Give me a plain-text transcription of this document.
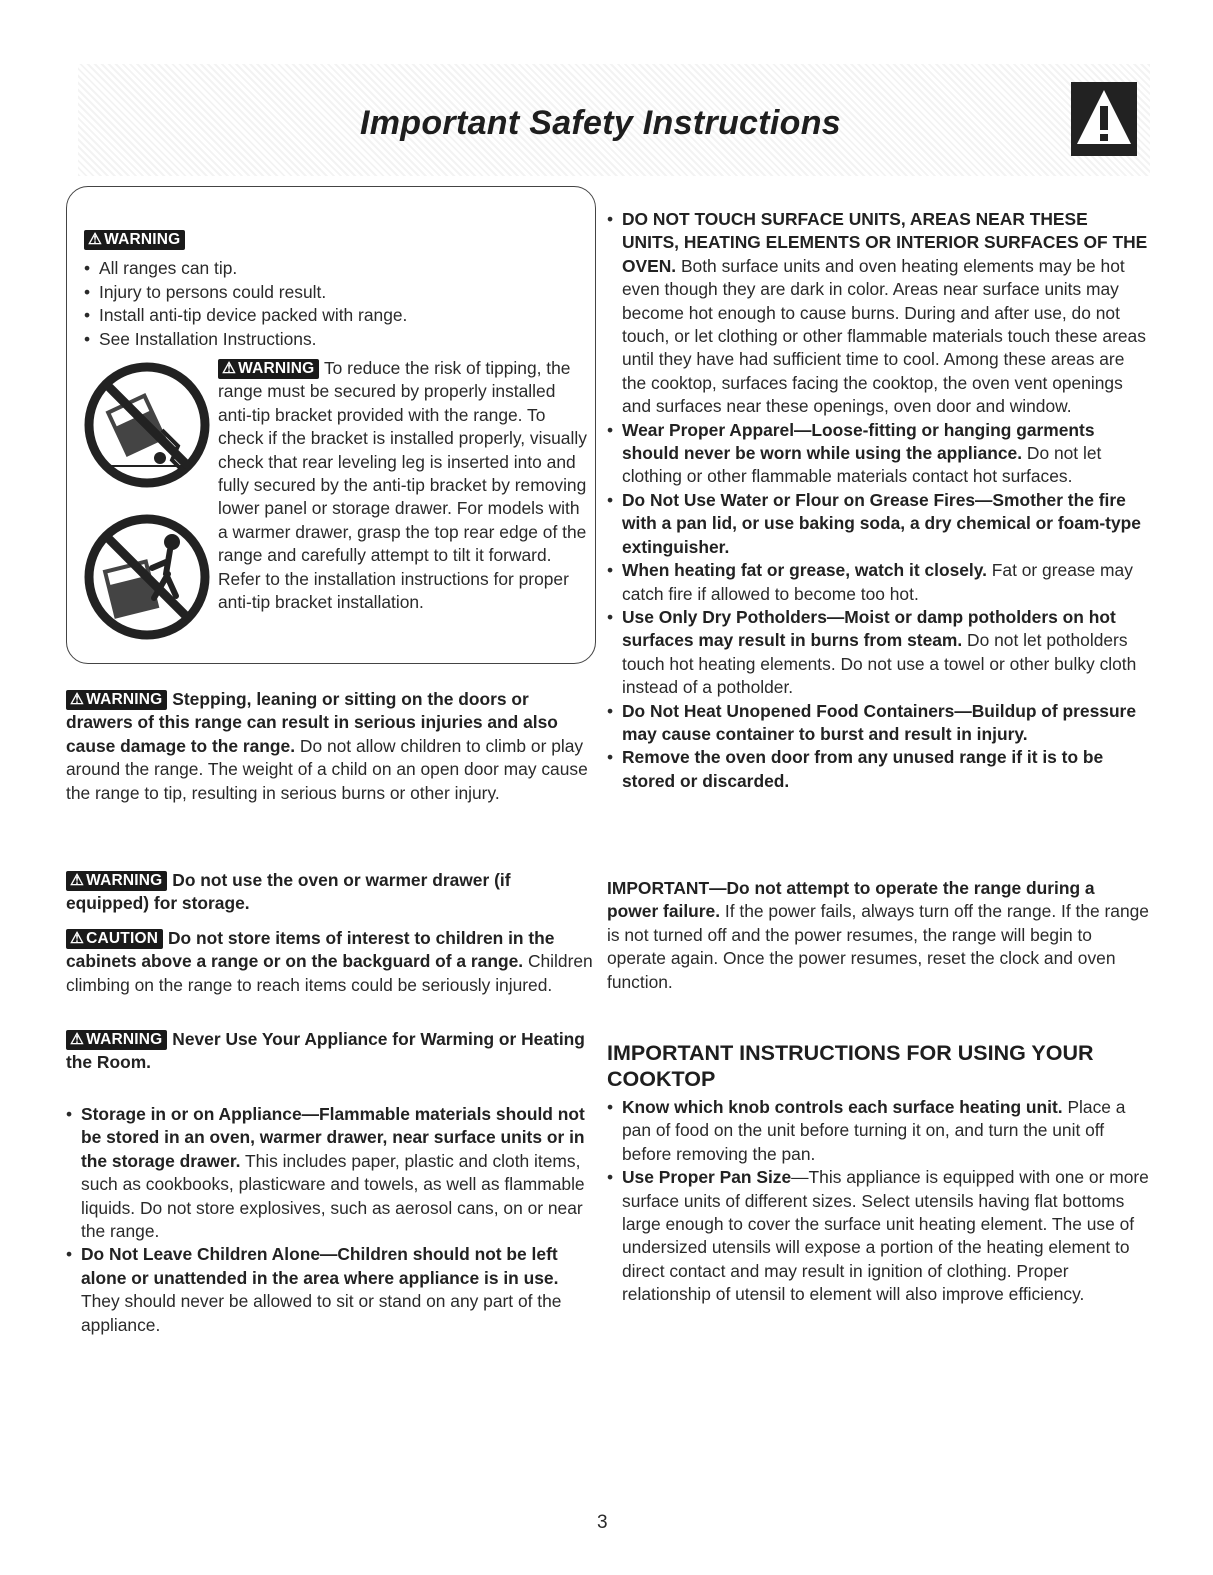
Important Safety Instructions
⚠ WARNING
• All ranges can tip.
• Injury to persons could result.
• Install anti-tip device packed with range.
• See Installation Instructions.
⚠ WARNING To reduce the risk of tipping, the range must be secured by properly installed anti-tip bracket provided with the range. To check if the bracket is installed properly, visually check that rear leveling leg is inserted into and fully secured by the anti-tip bracket by removing lower panel or storage drawer. For models with a warmer drawer, grasp the top rear edge of the range and carefully attempt to tilt it forward. Refer to the installation instructions for proper anti-tip bracket installation.

⚠ WARNING Stepping, leaning or sitting on the doors or drawers of this range can result in serious injuries and also cause damage to the range. Do not allow children to climb or play around the range. The weight of a child on an open door may cause the range to tip, resulting in serious burns or other injury.

⚠ WARNING Do not use the oven or warmer drawer (if equipped) for storage.

⚠ CAUTION Do not store items of interest to children in the cabinets above a range or on the backguard of a range. Children climbing on the range to reach items could be seriously injured.

⚠ WARNING Never Use Your Appliance for Warming or Heating the Room.

• Storage in or on Appliance—Flammable materials should not be stored in an oven, warmer drawer, near surface units or in the storage drawer. This includes paper, plastic and cloth items, such as cookbooks, plasticware and towels, as well as flammable liquids. Do not store explosives, such as aerosol cans, on or near the range.
• Do Not Leave Children Alone—Children should not be left alone or unattended in the area where appliance is in use. They should never be allowed to sit or stand on any part of the appliance.
• DO NOT TOUCH SURFACE UNITS, AREAS NEAR THESE UNITS, HEATING ELEMENTS OR INTERIOR SURFACES OF THE OVEN. Both surface units and oven heating elements may be hot even though they are dark in color. Areas near surface units may become hot enough to cause burns. During and after use, do not touch, or let clothing or other flammable materials touch these areas until they have had sufficient time to cool. Among these areas are the cooktop, surfaces facing the cooktop, the oven vent openings and surfaces near these openings, oven door and window.
• Wear Proper Apparel—Loose-fitting or hanging garments should never be worn while using the appliance. Do not let clothing or other flammable materials contact hot surfaces.
• Do Not Use Water or Flour on Grease Fires—Smother the fire with a pan lid, or use baking soda, a dry chemical or foam-type extinguisher.
• When heating fat or grease, watch it closely. Fat or grease may catch fire if allowed to become too hot.
• Use Only Dry Potholders—Moist or damp potholders on hot surfaces may result in burns from steam. Do not let potholders touch hot heating elements. Do not use a towel or other bulky cloth instead of a potholder.
• Do Not Heat Unopened Food Containers—Buildup of pressure may cause container to burst and result in injury.
• Remove the oven door from any unused range if it is to be stored or discarded.

IMPORTANT—Do not attempt to operate the range during a power failure. If the power fails, always turn off the range. If the range is not turned off and the power resumes, the range will begin to operate again. Once the power resumes, reset the clock and oven function.

IMPORTANT INSTRUCTIONS FOR USING YOUR COOKTOP

• Know which knob controls each surface heating unit. Place a pan of food on the unit before turning it on, and turn the unit off before removing the pan.
• Use Proper Pan Size—This appliance is equipped with one or more surface units of different sizes. Select utensils having flat bottoms large enough to cover the surface unit heating element. The use of undersized utensils will expose a portion of the heating element to direct contact and may result in ignition of clothing. Proper relationship of utensil to element will also improve efficiency.
3
